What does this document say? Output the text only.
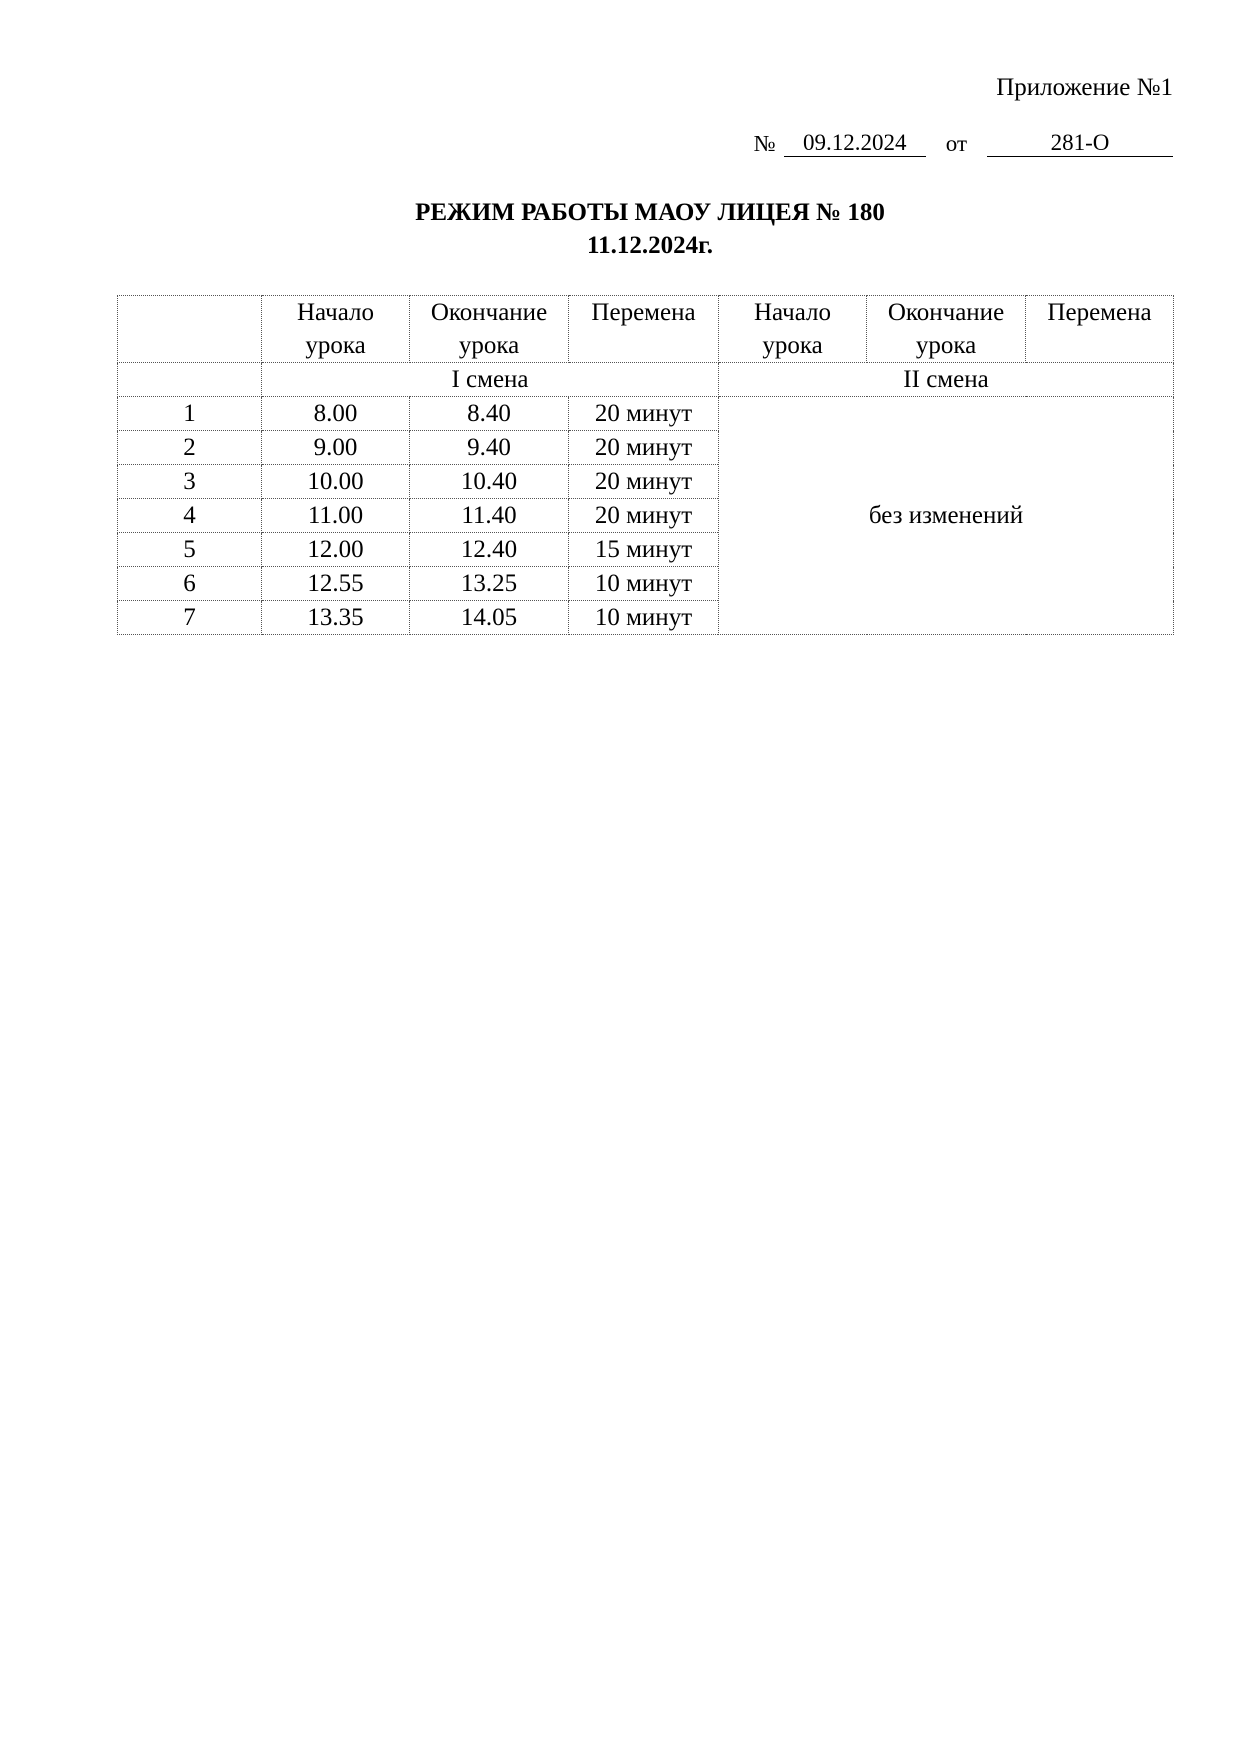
Приложение №1
№	09.12.2024	от	281-О
РЕЖИМ РАБОТЫ МАОУ ЛИЦЕЯ № 180
11.12.2024г.
	Начало урока	Окончание урока	Перемена	Начало урока	Окончание урока	Перемена
	I смена			II смена		
1	8.00	8.40	20 минут	без изменений		
2	9.00	9.40	20 минут			
3	10.00	10.40	20 минут			
4	11.00	11.40	20 минут			
5	12.00	12.40	15 минут			
6	12.55	13.25	10 минут			
7	13.35	14.05	10 минут			
